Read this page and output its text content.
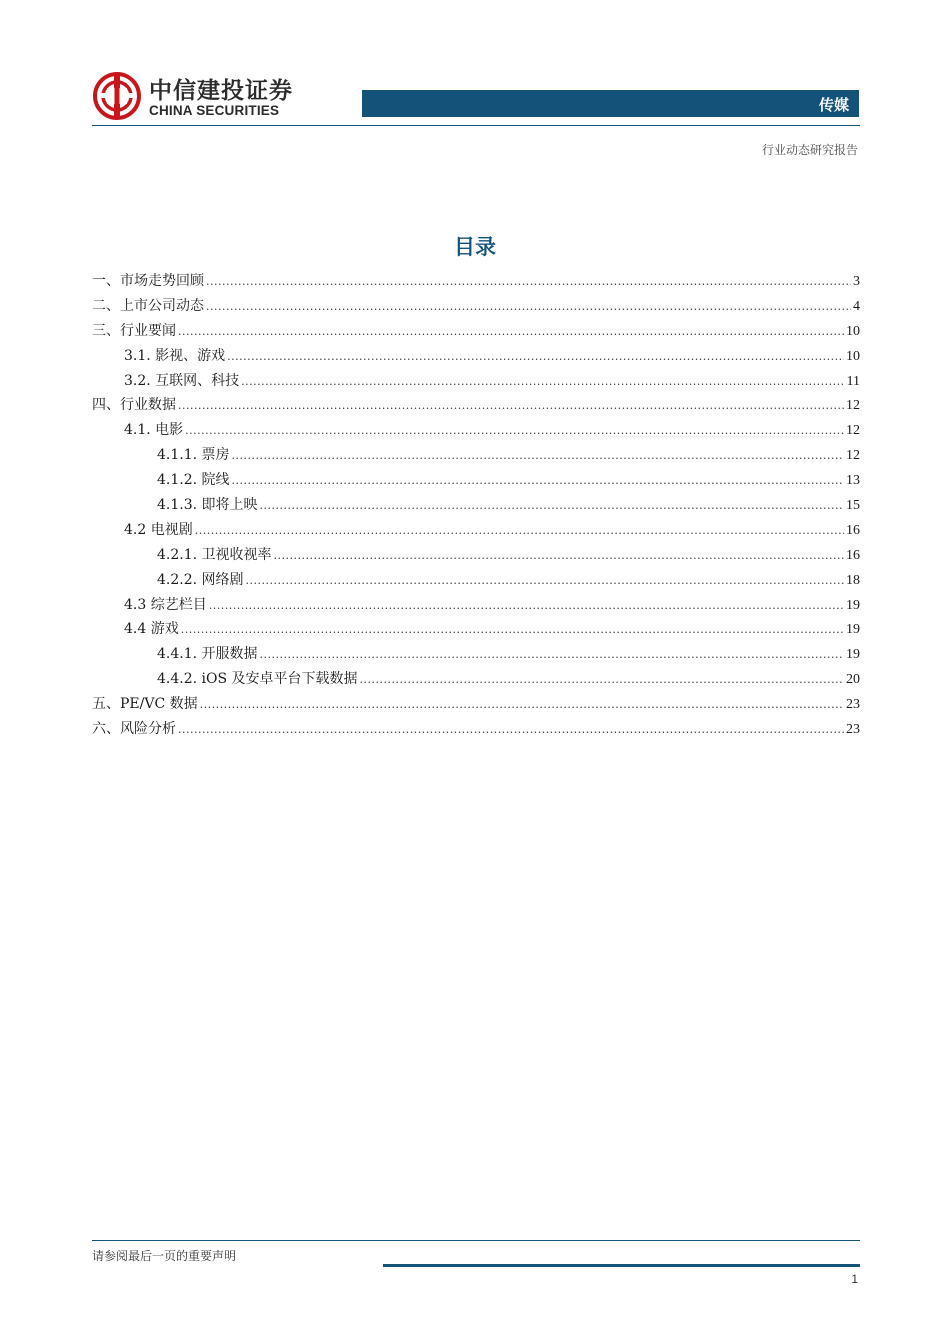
中信建投证券
CHINA SECURITIES	传媒
行业动态研究报告
目录
一、市场走势回顾 .....	3
二、上市公司动态 .....	4
三、行业要闻 .....	10
3.1. 影视、游戏 .....	10
3.2. 互联网、科技 .....	11
四、行业数据 .....	12
4.1. 电影 .....	12
4.1.1. 票房 .....	12
4.1.2. 院线 .....	13
4.1.3. 即将上映 .....	15
4.2 电视剧 .....	16
4.2.1. 卫视收视率 .....	16
4.2.2. 网络剧 .....	18
4.3 综艺栏目 .....	19
4.4 游戏 .....	19
4.4.1. 开服数据 .....	19
4.4.2. iOS 及安卓平台下载数据 .....	20
五、PE/VC 数据 .....	23
六、风险分析 .....	23
请参阅最后一页的重要声明
1
